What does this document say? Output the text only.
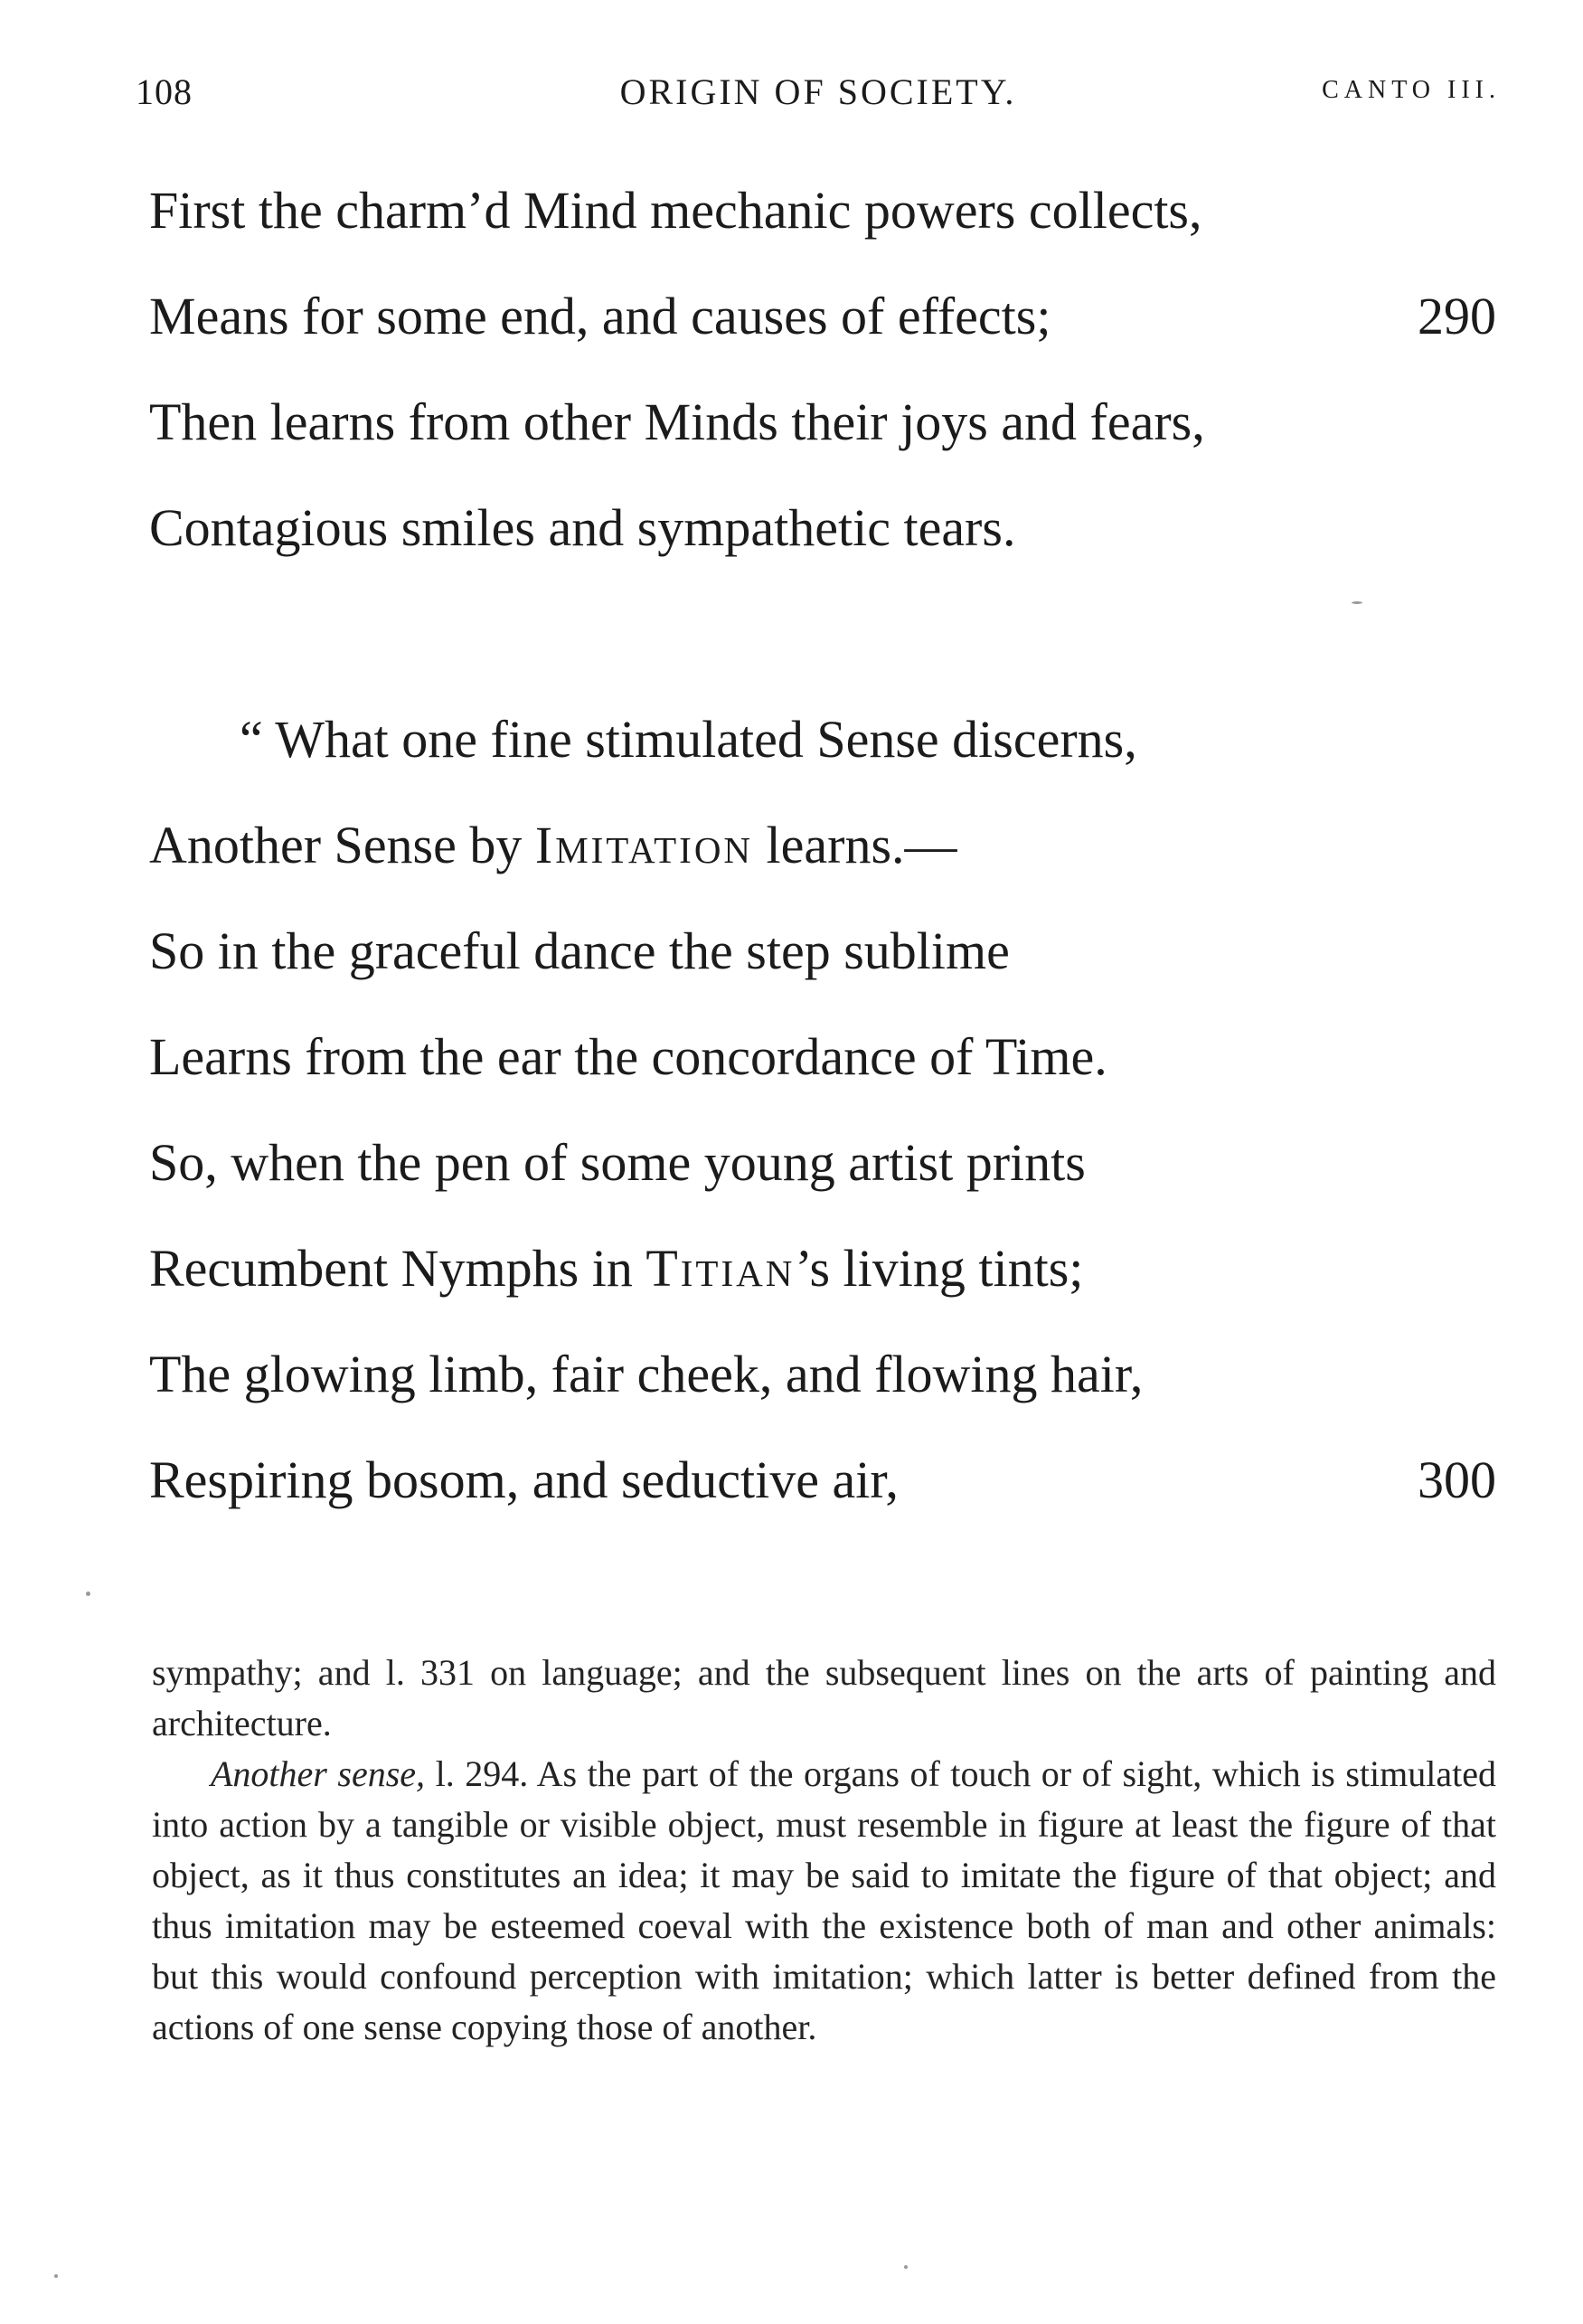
108	ORIGIN OF SOCIETY.	CANTO III.
First the charm’d Mind mechanic powers collects,
Means for some end, and causes of effects;	290
Then learns from other Minds their joys and fears,
Contagious smiles and sympathetic tears.
“ What one fine stimulated Sense discerns,
Another Sense by Imitation learns.—
So in the graceful dance the step sublime
Learns from the ear the concordance of Time.
So, when the pen of some young artist prints
Recumbent Nymphs in Titian’s living tints;
The glowing limb, fair cheek, and flowing hair,
Respiring bosom, and seductive air,	300

sympathy; and l. 331 on language; and the subsequent lines on the arts of painting and architecture.

Another sense, l. 294. As the part of the organs of touch or of sight, which is stimulated into action by a tangible or visible object, must resemble in figure at least the figure of that object, as it thus constitutes an idea; it may be said to imitate the figure of that object; and thus imitation may be esteemed coeval with the existence both of man and other animals: but this would confound perception with imitation; which latter is better defined from the actions of one sense copying those of another.
